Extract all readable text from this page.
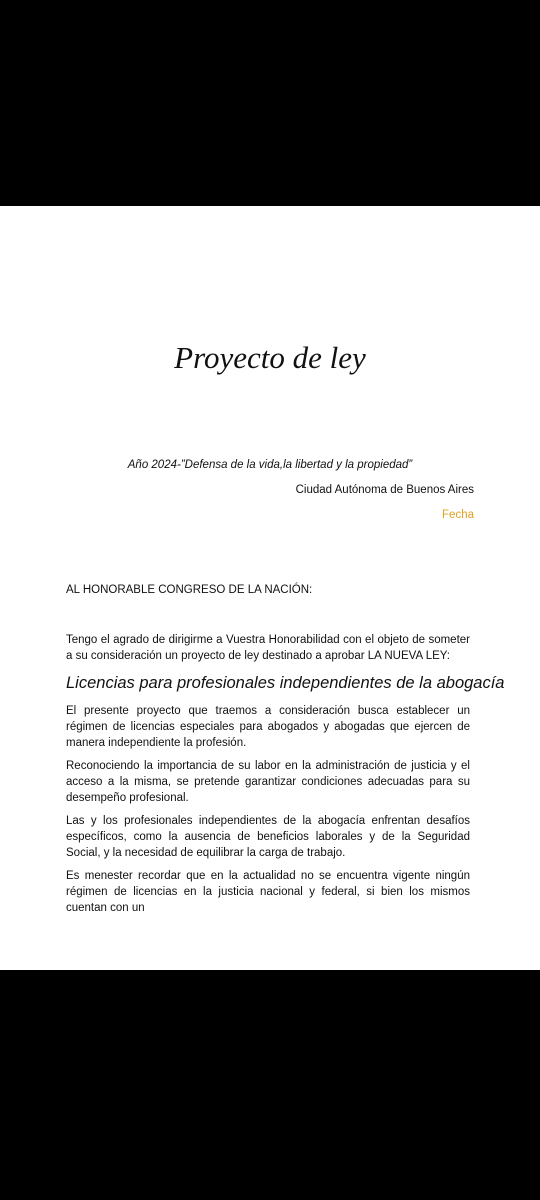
Proyecto de ley
Año 2024-”Defensa de la vida,la libertad y la propiedad”
Ciudad Autónoma de Buenos Aires
Fecha
AL HONORABLE CONGRESO DE LA NACIÓN:

Tengo el agrado de dirigirme a Vuestra Honorabilidad con el objeto de someter a su consideración un proyecto de ley destinado a aprobar LA NUEVA LEY:

Licencias para profesionales independientes de la abogacía

El presente proyecto que traemos a consideración busca establecer un régimen de licencias especiales para abogados y abogadas que ejercen de manera independiente la profesión.

Reconociendo la importancia de su labor en la administración de justicia y el acceso a la misma, se pretende garantizar condiciones adecuadas para su desempeño profesional.

Las y los profesionales independientes de la abogacía enfrentan desafíos específicos, como la ausencia de beneficios laborales y de la Seguridad Social, y la necesidad de equilibrar la carga de trabajo.

Es menester recordar que en la actualidad no se encuentra vigente ningún régimen de licencias en la justicia nacional y federal, si bien los mismos cuentan con un
